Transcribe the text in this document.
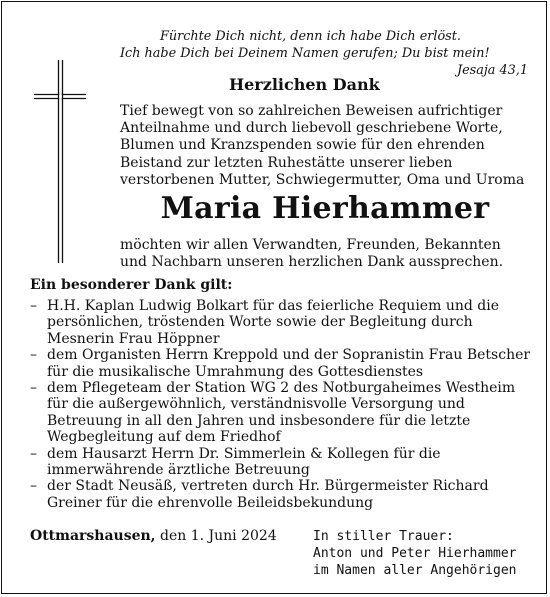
Fürchte Dich nicht, denn ich habe Dich erlöst.
Ich habe Dich bei Deinem Namen gerufen; Du bist mein!
Jesaja 43,1
Herzlichen Dank
Tief bewegt von so zahlreichen Beweisen aufrichtiger
Anteilnahme und durch liebevoll geschriebene Worte,
Blumen und Kranzspenden sowie für den ehrenden
Beistand zur letzten Ruhestätte unserer lieben
verstorbenen Mutter, Schwiegermutter, Oma und Uroma
Maria Hierhammer
möchten wir allen Verwandten, Freunden, Bekannten
und Nachbarn unseren herzlichen Dank aussprechen.
Ein besonderer Dank gilt:
– H.H. Kaplan Ludwig Bolkart für das feierliche Requiem und die
persönlichen, tröstenden Worte sowie der Begleitung durch
Mesnerin Frau Höppner
– dem Organisten Herrn Kreppold und der Sopranistin Frau Betscher
für die musikalische Umrahmung des Gottesdienstes
– dem Pflegeteam der Station WG 2 des Notburgaheimes Westheim
für die außergewöhnlich, verständnisvolle Versorgung und
Betreuung in all den Jahren und insbesondere für die letzte
Wegbegleitung auf dem Friedhof
– dem Hausarzt Herrn Dr. Simmerlein & Kollegen für die
immerwährende ärztliche Betreuung
– der Stadt Neusäß, vertreten durch Hr. Bürgermeister Richard
Greiner für die ehrenvolle Beileidsbekundung
Ottmarshausen, den 1. Juni 2024	In stiller Trauer:
Anton und Peter Hierhammer
im Namen aller Angehörigen
